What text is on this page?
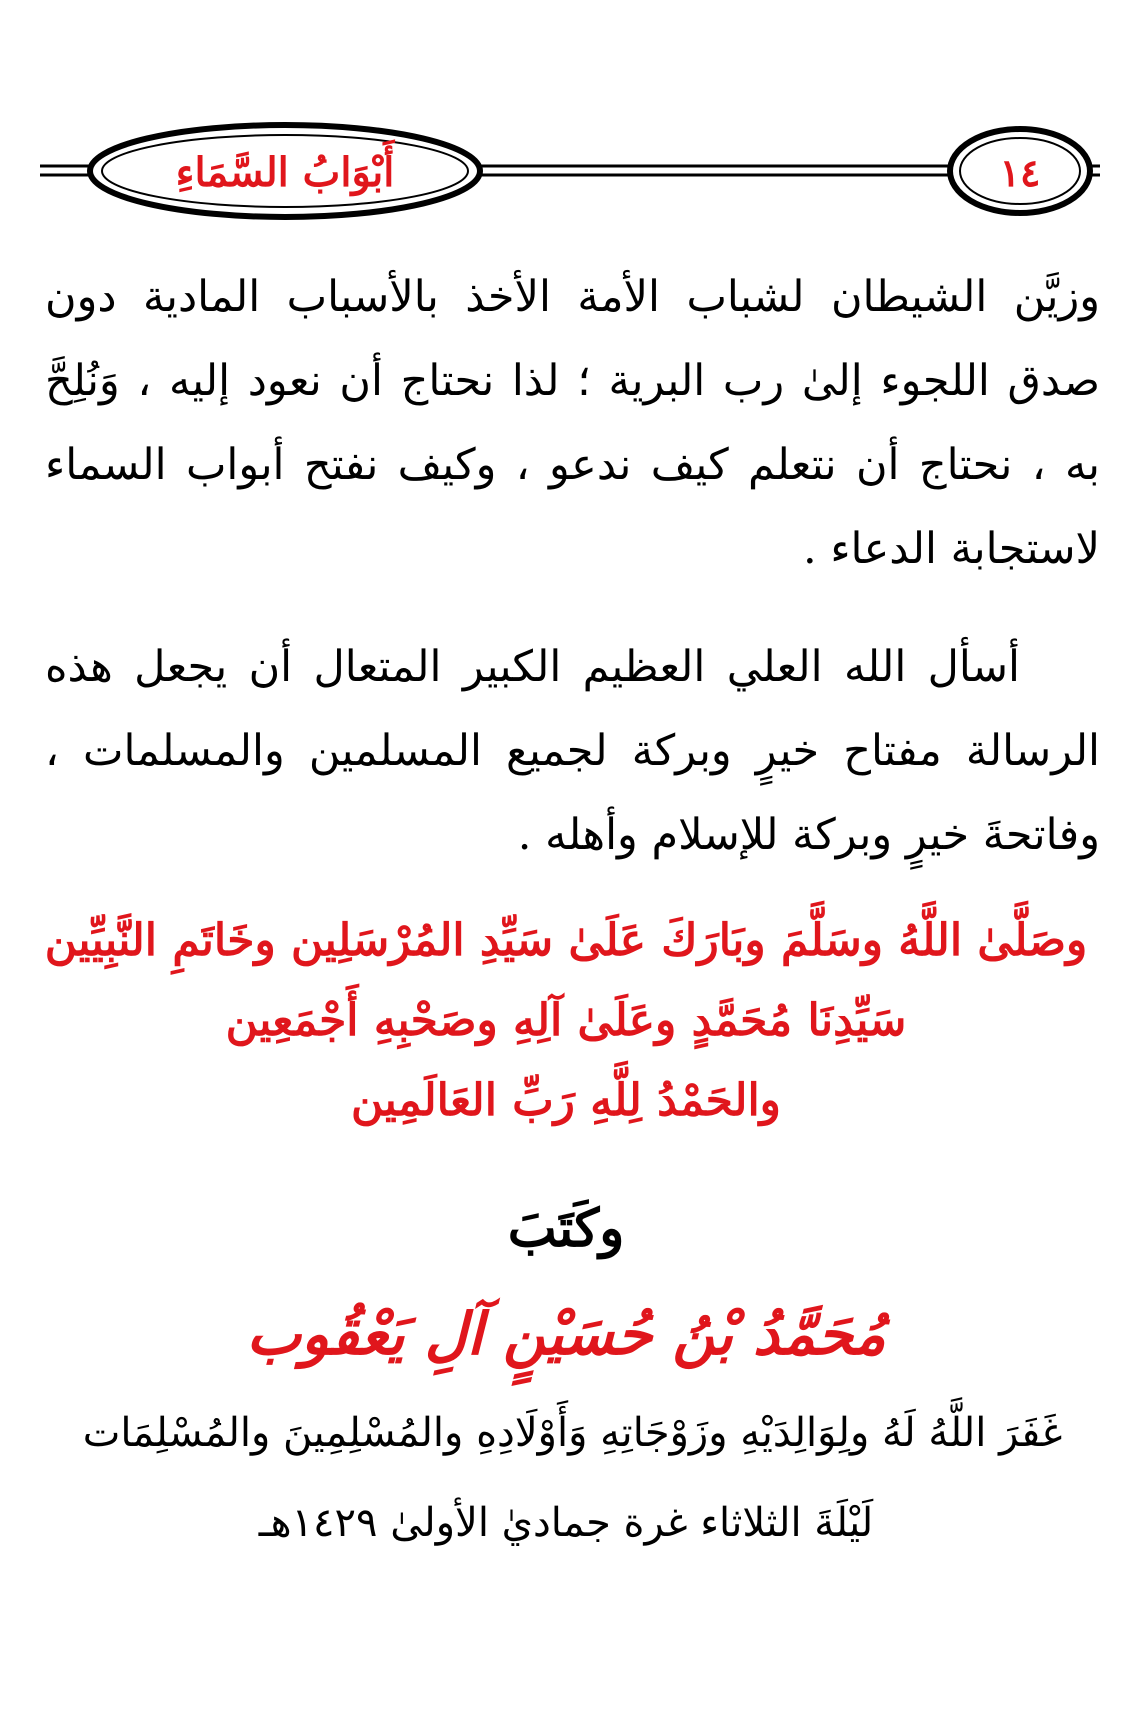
أَبْوَابُ السَّمَاءِ	١٤

وزيَّن الشيطان لشباب الأمة الأخذ بالأسباب المادية دون صدق اللجوء إلىٰ رب البرية ؛ لذا نحتاج أن نعود إليه ، وَنُلِحَّ به ، نحتاج أن نتعلم كيف ندعو ، وكيف نفتح أبواب السماء لاستجابة الدعاء .

أسأل الله العلي العظيم الكبير المتعال أن يجعل هذه الرسالة مفتاح خيرٍ وبركة لجميع المسلمين والمسلمات ، وفاتحةَ خيرٍ وبركة للإسلام وأهله .

وصَلَّىٰ اللَّهُ وسَلَّمَ وبَارَكَ عَلَىٰ سَيِّدِ المُرْسَلِين وخَاتَمِ النَّبِيِّين

سَيِّدِنَا مُحَمَّدٍ وعَلَىٰ آلِهِ وصَحْبِهِ أَجْمَعِين

والحَمْدُ لِلَّهِ رَبِّ العَالَمِين

وكَتَبَ

مُحَمَّدُ بْنُ حُسَيْنٍ آلِ يَعْقُوب

غَفَرَ اللَّهُ لَهُ ولِوَالِدَيْهِ وزَوْجَاتِهِ وَأَوْلَادِهِ والمُسْلِمِينَ والمُسْلِمَات

لَيْلَةَ الثلاثاء غرة جماديٰ الأولىٰ ١٤٢٩هـ
